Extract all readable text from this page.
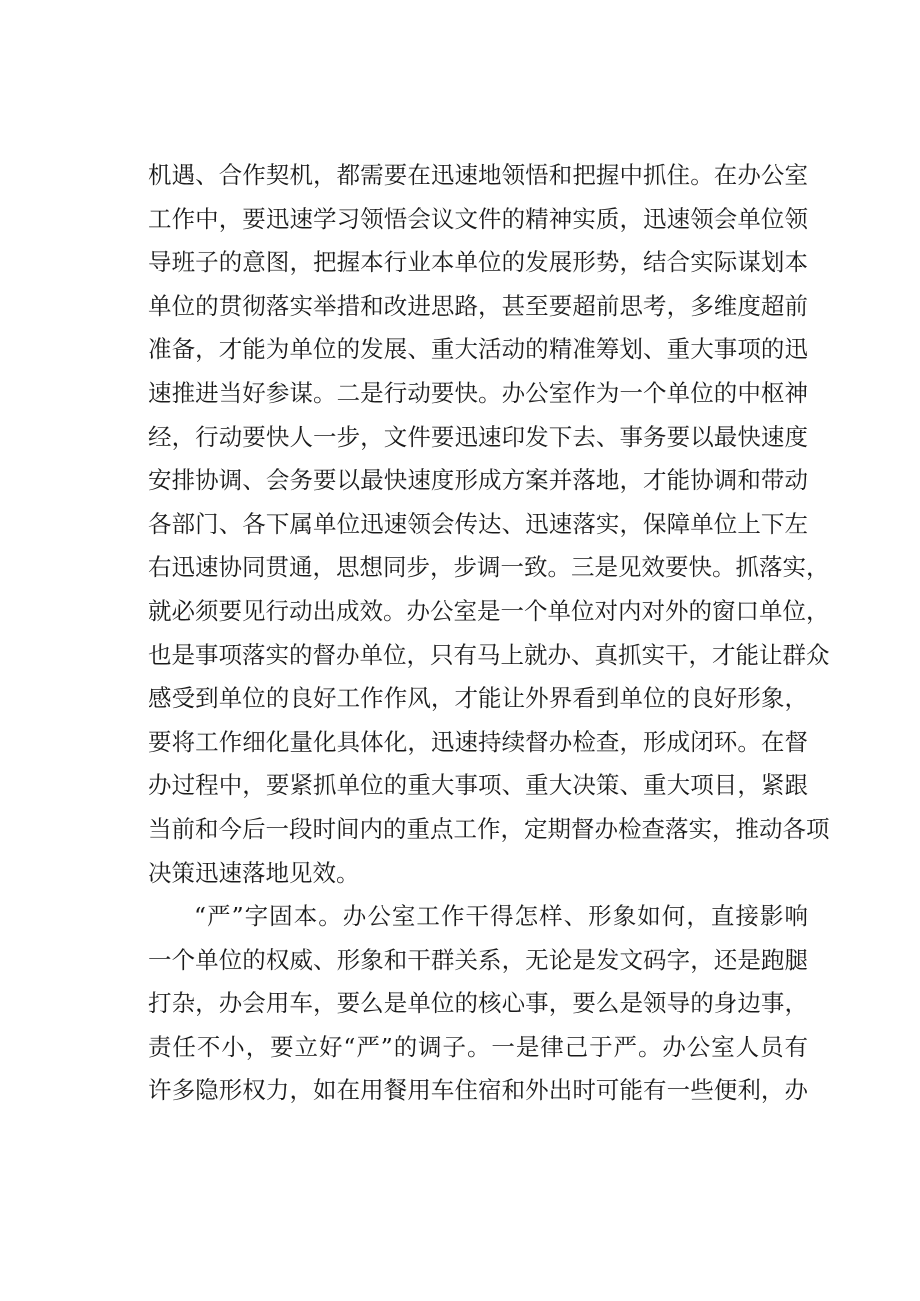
机遇、合作契机，都需要在迅速地领悟和把握中抓住。在办公室
工作中，要迅速学习领悟会议文件的精神实质，迅速领会单位领
导班子的意图，把握本行业本单位的发展形势，结合实际谋划本
单位的贯彻落实举措和改进思路，甚至要超前思考，多维度超前
准备，才能为单位的发展、重大活动的精准筹划、重大事项的迅
速推进当好参谋。二是行动要快。办公室作为一个单位的中枢神
经，行动要快人一步，文件要迅速印发下去、事务要以最快速度
安排协调、会务要以最快速度形成方案并落地，才能协调和带动
各部门、各下属单位迅速领会传达、迅速落实，保障单位上下左
右迅速协同贯通，思想同步，步调一致。三是见效要快。抓落实，
就必须要见行动出成效。办公室是一个单位对内对外的窗口单位，
也是事项落实的督办单位，只有马上就办、真抓实干，才能让群众
感受到单位的良好工作作风，才能让外界看到单位的良好形象，
要将工作细化量化具体化，迅速持续督办检查，形成闭环。在督
办过程中，要紧抓单位的重大事项、重大决策、重大项目，紧跟
当前和今后一段时间内的重点工作，定期督办检查落实，推动各项
决策迅速落地见效。
“严”字固本。办公室工作干得怎样、形象如何，直接影响
一个单位的权威、形象和干群关系，无论是发文码字，还是跑腿
打杂，办会用车，要么是单位的核心事，要么是领导的身边事，
责任不小，要立好“严”的调子。一是律己于严。办公室人员有
许多隐形权力，如在用餐用车住宿和外出时可能有一些便利，办
